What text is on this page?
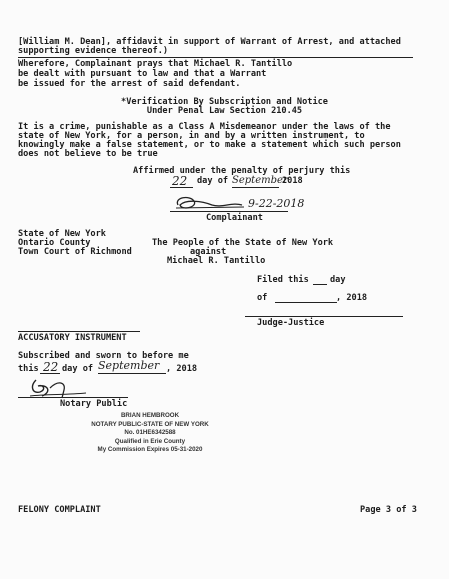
[William M. Dean], affidavit in support of Warrant of Arrest, and attached
supporting evidence thereof.)
Wherefore, Complainant prays that Michael R. Tantillo
be dealt with pursuant to law and that a Warrant
be issued for the arrest of said defendant.
*Verification By Subscription and Notice
Under Penal Law Section 210.45
It is a crime, punishable as a Class A Misdemeanor under the laws of the
state of New York, for a person, in and by a written instrument, to
knowingly make a false statement, or to make a statement which such person
does not believe to be true
Affirmed under the penalty of perjury this
22 day of September
2018
9-22-2018
Complainant
State of New York
Ontario County
Town Court of Richmond
The People of the State of New York
against
Michael R. Tantillo
Filed this day
of	, 2018
Judge-Justice
ACCUSATORY INSTRUMENT
Subscribed and sworn to before me
this 22 day of September , 2018
Notary Public
BRIAN HEMBROOK
NOTARY PUBLIC-STATE OF NEW YORK
No. 01HE6342588
Qualified in Erie County
My Commission Expires 05-31-2020
FELONY COMPLAINT	Page 3 of 3
